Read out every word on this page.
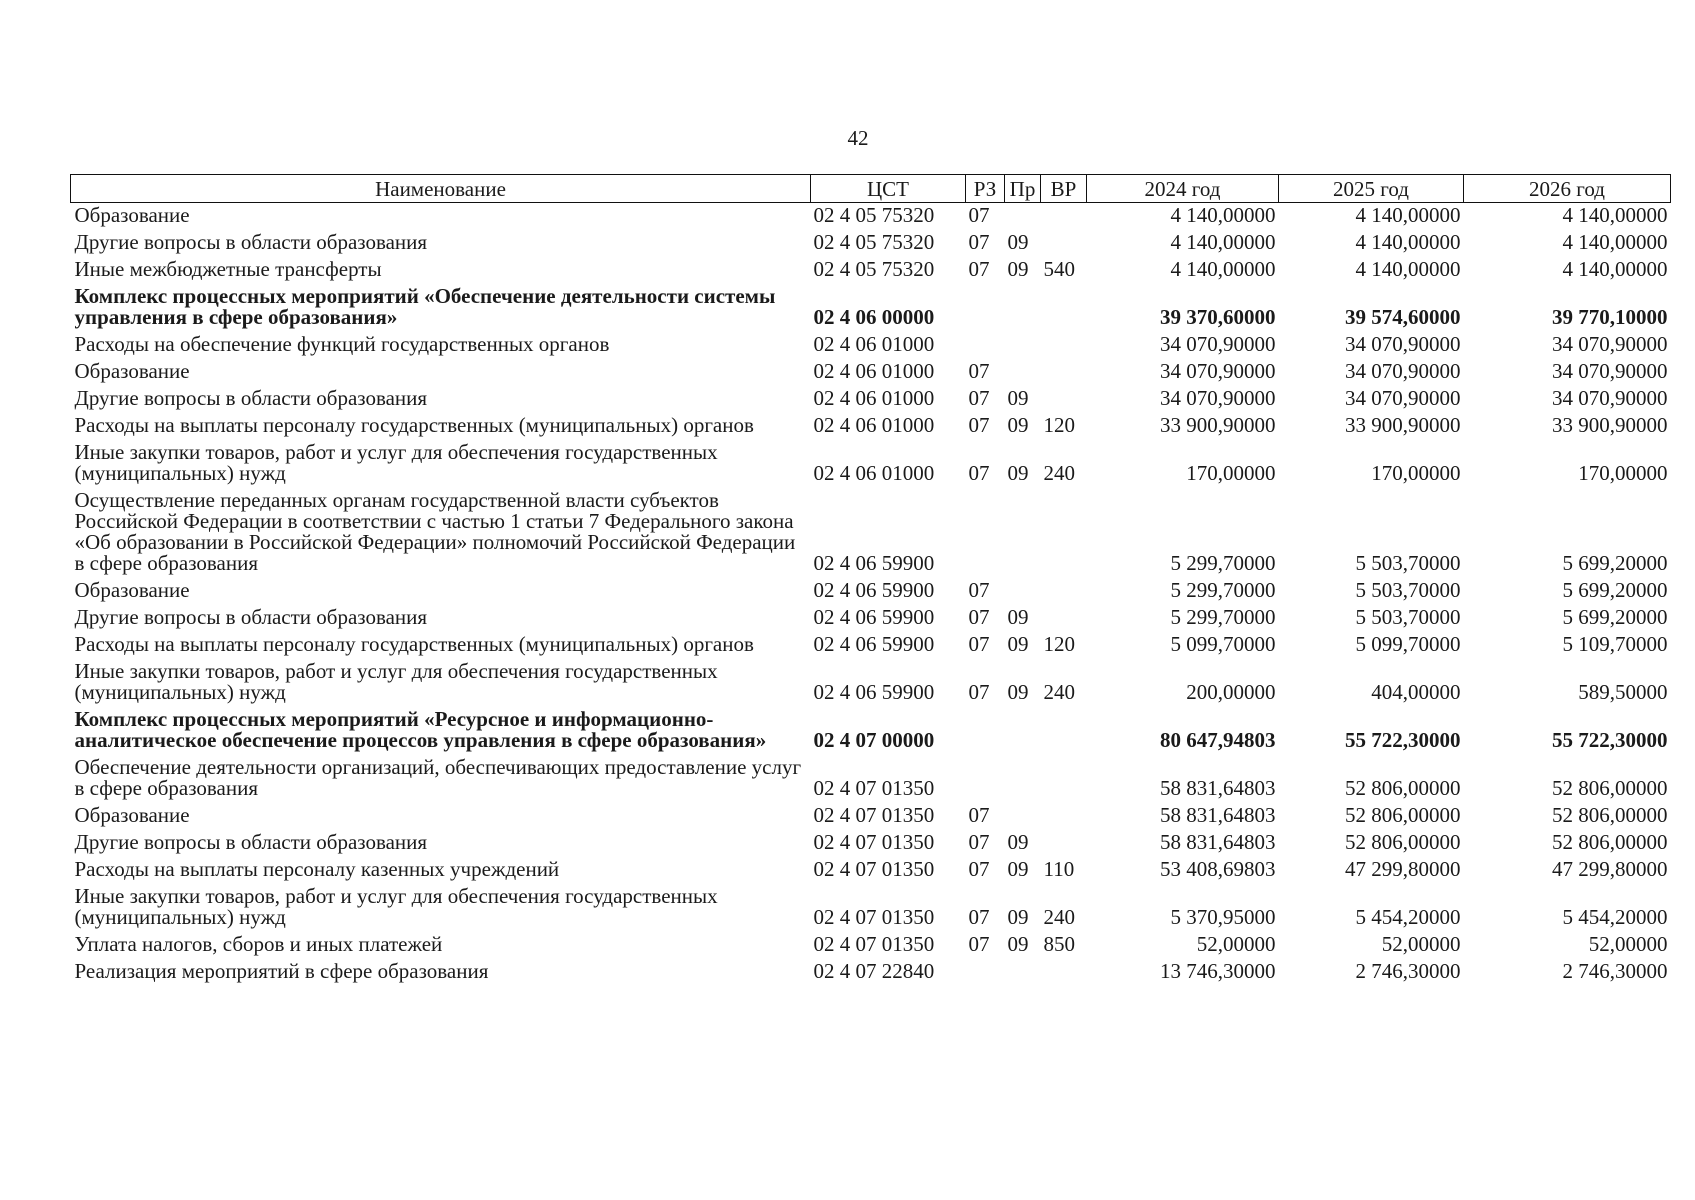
42
Наименование	ЦСТ	РЗ	Пр	ВР	2024 год	2025 год	2026 год
Образование	02 4 05 75320	07			4 140,00000	4 140,00000	4 140,00000
Другие вопросы в области образования	02 4 05 75320	07	09		4 140,00000	4 140,00000	4 140,00000
Иные межбюджетные трансферты	02 4 05 75320	07	09	540	4 140,00000	4 140,00000	4 140,00000
Комплекс процессных мероприятий «Обеспечение деятельности системы управления в сфере образования»	02 4 06 00000				39 370,60000	39 574,60000	39 770,10000
Расходы на обеспечение функций государственных органов	02 4 06 01000				34 070,90000	34 070,90000	34 070,90000
Образование	02 4 06 01000	07			34 070,90000	34 070,90000	34 070,90000
Другие вопросы в области образования	02 4 06 01000	07	09		34 070,90000	34 070,90000	34 070,90000
Расходы на выплаты персоналу государственных (муниципальных) органов	02 4 06 01000	07	09	120	33 900,90000	33 900,90000	33 900,90000
Иные закупки товаров, работ и услуг для обеспечения государственных (муниципальных) нужд	02 4 06 01000	07	09	240	170,00000	170,00000	170,00000
Осуществление переданных органам государственной власти субъектов Российской Федерации в соответствии с частью 1 статьи 7 Федерального закона «Об образовании в Российской Федерации» полномочий Российской Федерации в сфере образования	02 4 06 59900				5 299,70000	5 503,70000	5 699,20000
Образование	02 4 06 59900	07			5 299,70000	5 503,70000	5 699,20000
Другие вопросы в области образования	02 4 06 59900	07	09		5 299,70000	5 503,70000	5 699,20000
Расходы на выплаты персоналу государственных (муниципальных) органов	02 4 06 59900	07	09	120	5 099,70000	5 099,70000	5 109,70000
Иные закупки товаров, работ и услуг для обеспечения государственных (муниципальных) нужд	02 4 06 59900	07	09	240	200,00000	404,00000	589,50000
Комплекс процессных мероприятий «Ресурсное и информационно-аналитическое обеспечение процессов управления в сфере образования»	02 4 07 00000				80 647,94803	55 722,30000	55 722,30000
Обеспечение деятельности организаций, обеспечивающих предоставление услуг в сфере образования	02 4 07 01350				58 831,64803	52 806,00000	52 806,00000
Образование	02 4 07 01350	07			58 831,64803	52 806,00000	52 806,00000
Другие вопросы в области образования	02 4 07 01350	07	09		58 831,64803	52 806,00000	52 806,00000
Расходы на выплаты персоналу казенных учреждений	02 4 07 01350	07	09	110	53 408,69803	47 299,80000	47 299,80000
Иные закупки товаров, работ и услуг для обеспечения государственных (муниципальных) нужд	02 4 07 01350	07	09	240	5 370,95000	5 454,20000	5 454,20000
Уплата налогов, сборов и иных платежей	02 4 07 01350	07	09	850	52,00000	52,00000	52,00000
Реализация мероприятий в сфере образования	02 4 07 22840				13 746,30000	2 746,30000	2 746,30000
